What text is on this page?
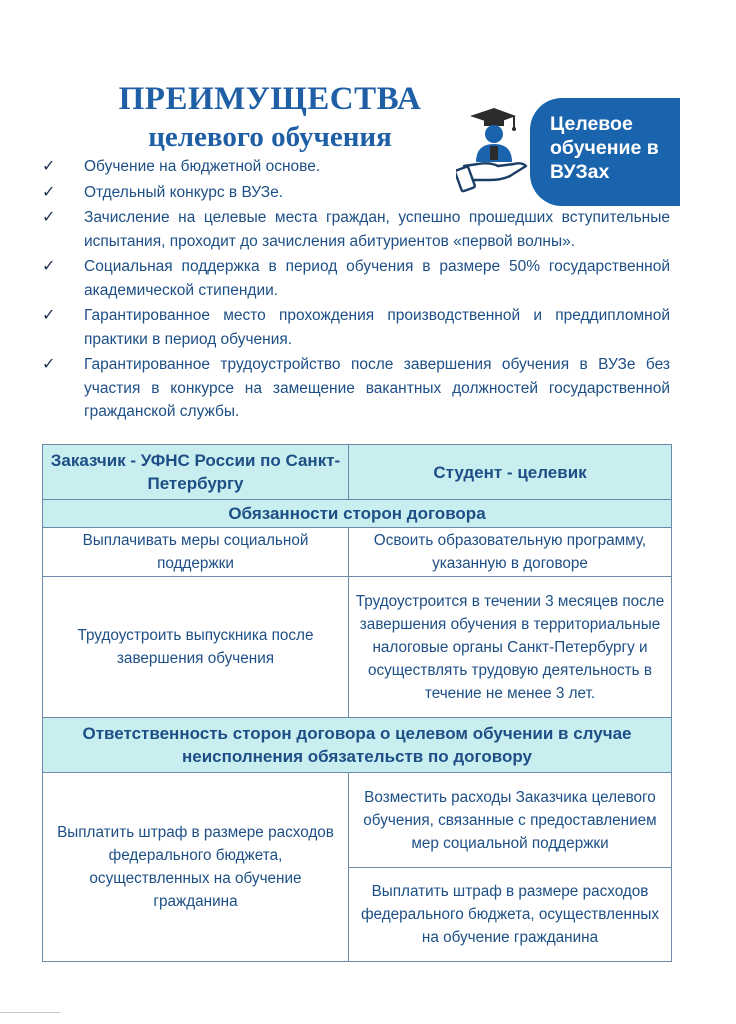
ПРЕИМУЩЕСТВА
целевого обучения	Целевое
обучение в
ВУЗах
✓ Обучение на бюджетной основе.
✓ Отдельный конкурс в ВУЗе.
✓ Зачисление на целевые места граждан, успешно прошедших вступительные испытания, проходит до зачисления абитуриентов «первой волны».
✓ Социальная поддержка в период обучения в размере 50% государственной академической стипендии.
✓ Гарантированное место прохождения производственной и преддипломной практики в период обучения.
✓ Гарантированное трудоустройство после завершения обучения в ВУЗе без участия в конкурсе на замещение вакантных должностей государственной гражданской службы.
Заказчик - УФНС России по Санкт-Петербургу
Студент - целевик
Обязанности сторон договора
Выплачивать меры социальной поддержки
Освоить образовательную программу, указанную в договоре
Трудоустроить выпускника после завершения обучения
Трудоустроится в течении 3 месяцев после завершения обучения в территориальные налоговые органы Санкт-Петербургу и осуществлять трудовую деятельность в течение не менее 3 лет.
Ответственность сторон договора о целевом обучении в случае неисполнения обязательств по договору
Выплатить штраф в размере расходов федерального бюджета, осуществленных на обучение гражданина
Возместить расходы Заказчика целевого обучения, связанные с предоставлением мер социальной поддержки
Выплатить штраф в размере расходов федерального бюджета, осуществленных на обучение гражданина
